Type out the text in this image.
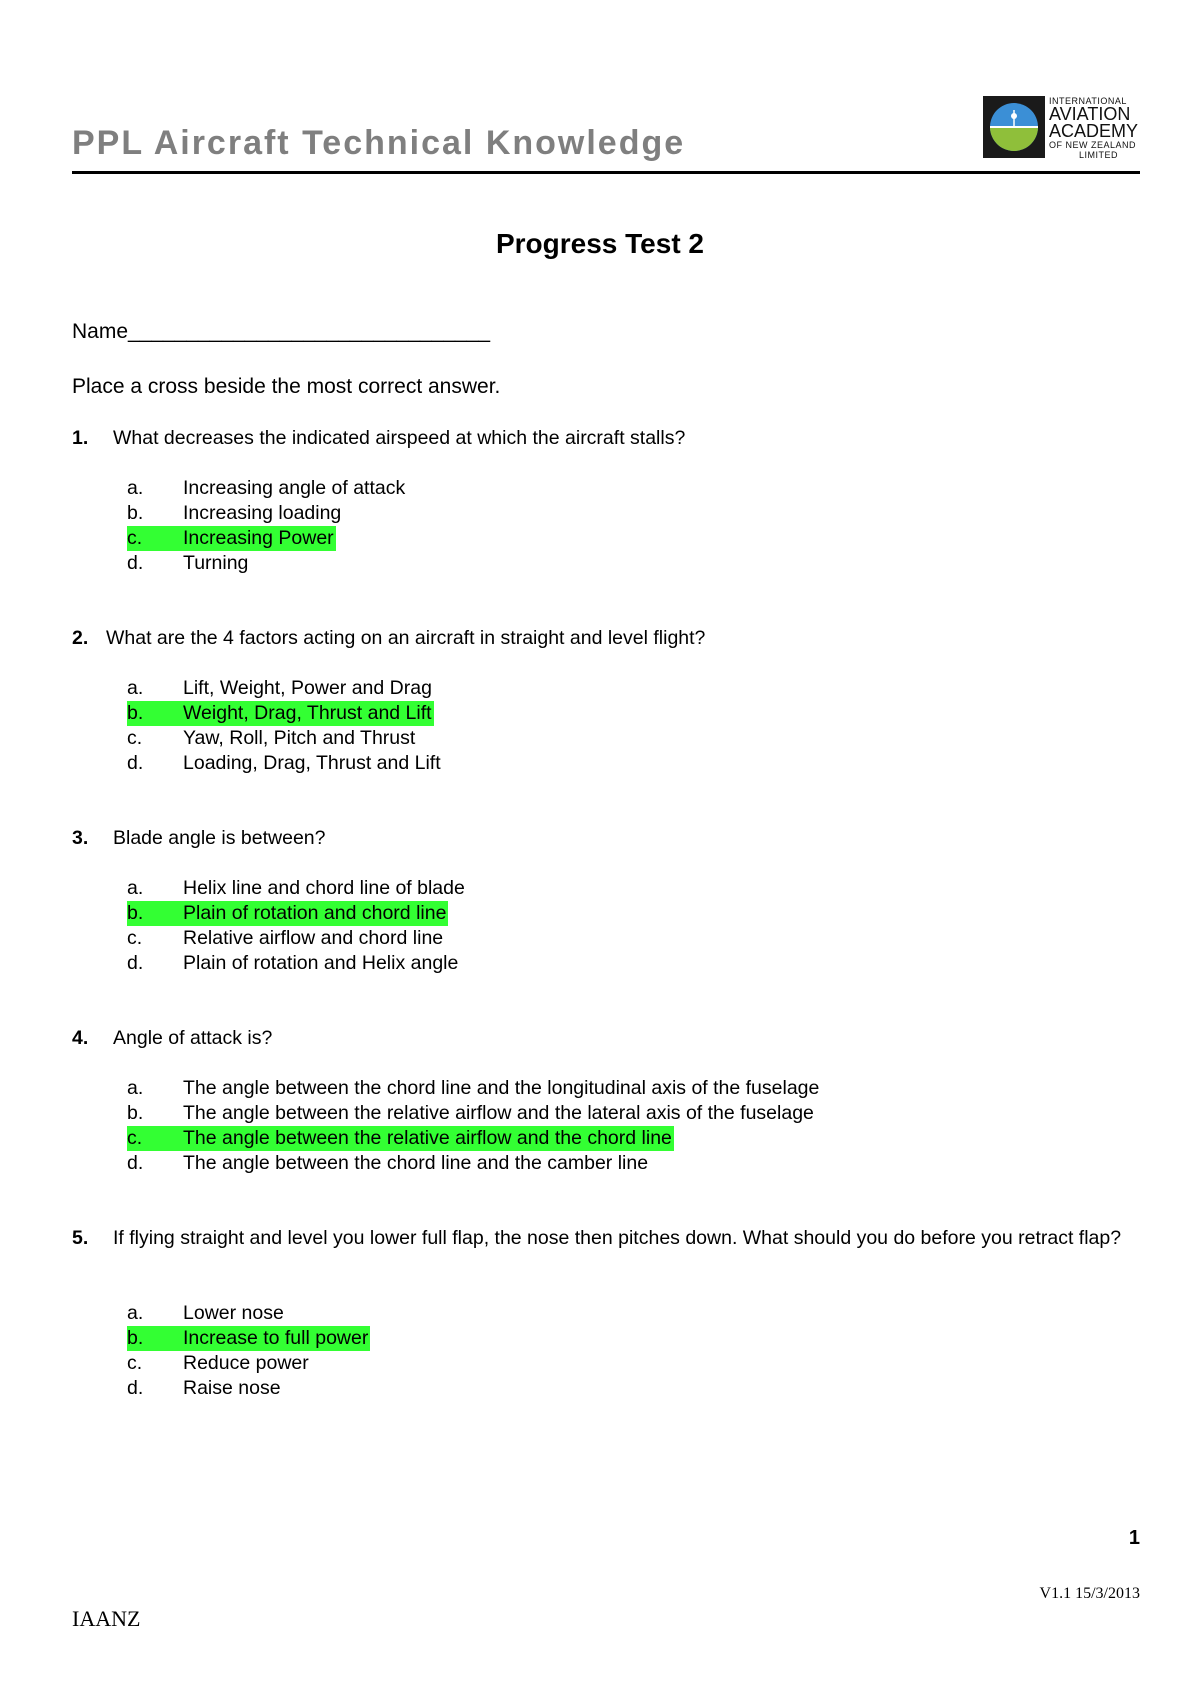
PPL Aircraft Technical Knowledge
INTERNATIONAL
AVIATION
ACADEMY
OF NEW ZEALAND
LIMITED
Progress Test 2
Name_______________________________
Place a cross beside the most correct answer.
1. What decreases the indicated airspeed at which the aircraft stalls?
a. Increasing angle of attack
b. Increasing loading
c. Increasing Power
d. Turning
2. What are the 4 factors acting on an aircraft in straight and level flight?
a. Lift, Weight, Power and Drag
b. Weight, Drag, Thrust and Lift
c. Yaw, Roll, Pitch and Thrust
d. Loading, Drag, Thrust and Lift
3. Blade angle is between?
a. Helix line and chord line of blade
b. Plain of rotation and chord line
c. Relative airflow and chord line
d. Plain of rotation and Helix angle
4. Angle of attack is?
a. The angle between the chord line and the longitudinal axis of the fuselage
b. The angle between the relative airflow and the lateral axis of the fuselage
c. The angle between the relative airflow and the chord line
d. The angle between the chord line and the camber line
5. If flying straight and level you lower full flap, the nose then pitches down. What should you do before you retract flap?
a. Lower nose
b. Increase to full power
c. Reduce power
d. Raise nose
1
V1.1 15/3/2013
IAANZ
